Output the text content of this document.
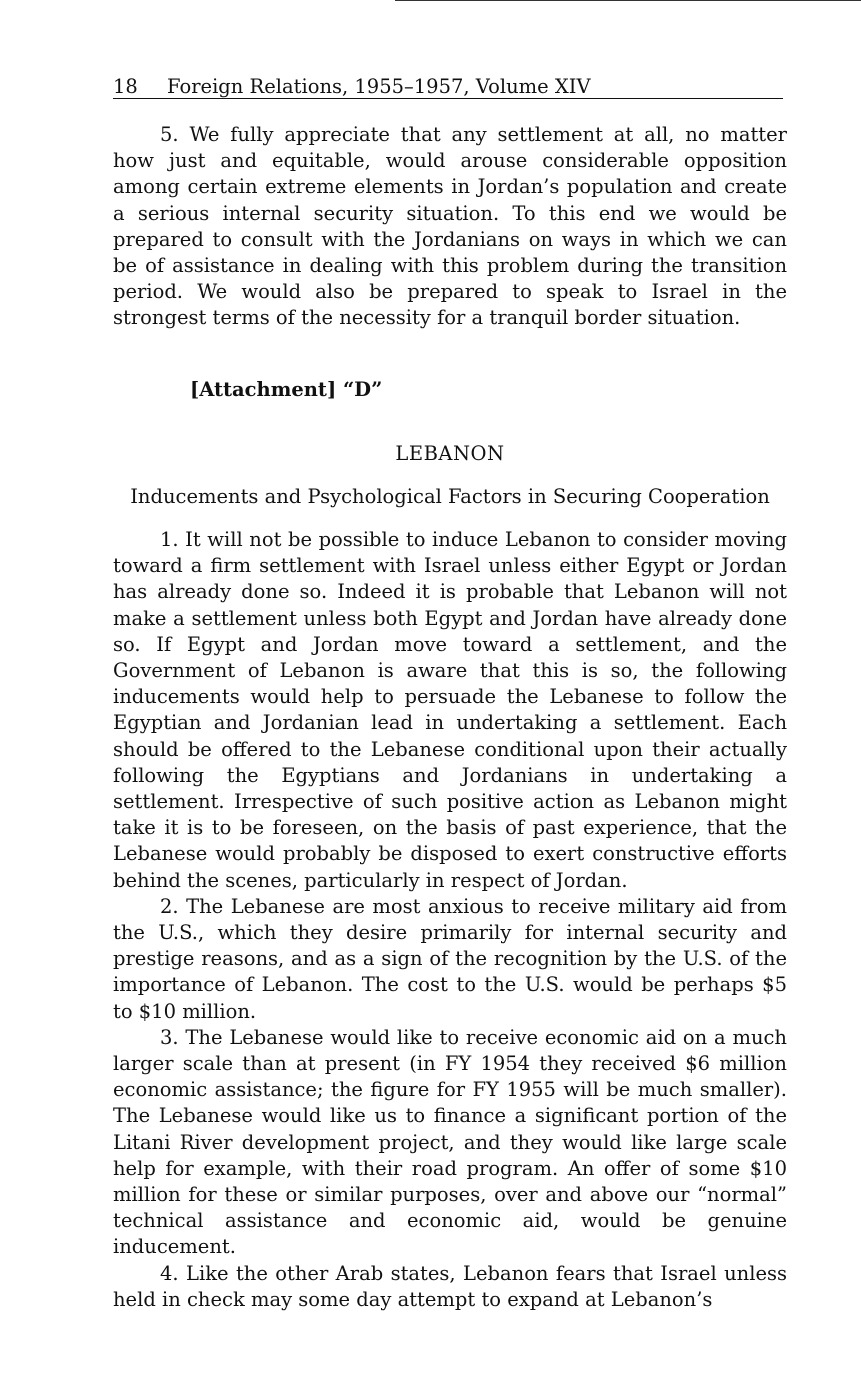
18 Foreign Relations, 1955–1957, Volume XIV

5. We fully appreciate that any settlement at all, no matter how just and equitable, would arouse considerable opposition among certain extreme elements in Jordan’s population and create a serious internal security situation. To this end we would be prepared to consult with the Jordanians on ways in which we can be of assistance in dealing with this problem during the transition period. We would also be prepared to speak to Israel in the strongest terms of the necessity for a tranquil border situation.

[Attachment] “D”
LEBANON
Inducements and Psychological Factors in Securing Cooperation

1. It will not be possible to induce Lebanon to consider moving toward a firm settlement with Israel unless either Egypt or Jordan has already done so. Indeed it is probable that Lebanon will not make a settlement unless both Egypt and Jordan have already done so. If Egypt and Jordan move toward a settlement, and the Government of Lebanon is aware that this is so, the following inducements would help to persuade the Lebanese to follow the Egyptian and Jordanian lead in undertaking a settlement. Each should be offered to the Lebanese conditional upon their actually following the Egyptians and Jordanians in undertaking a settlement. Irrespective of such positive action as Lebanon might take it is to be foreseen, on the basis of past experience, that the Lebanese would probably be disposed to exert constructive efforts behind the scenes, particularly in respect of Jordan.

2. The Lebanese are most anxious to receive military aid from the U.S., which they desire primarily for internal security and prestige reasons, and as a sign of the recognition by the U.S. of the importance of Lebanon. The cost to the U.S. would be perhaps $5 to $10 million.

3. The Lebanese would like to receive economic aid on a much larger scale than at present (in FY 1954 they received $6 million economic assistance; the figure for FY 1955 will be much smaller). The Lebanese would like us to finance a significant portion of the Litani River development project, and they would like large scale help for example, with their road program. An offer of some $10 million for these or similar purposes, over and above our “normal” technical assistance and economic aid, would be genuine inducement.

4. Like the other Arab states, Lebanon fears that Israel unless held in check may some day attempt to expand at Lebanon’s
